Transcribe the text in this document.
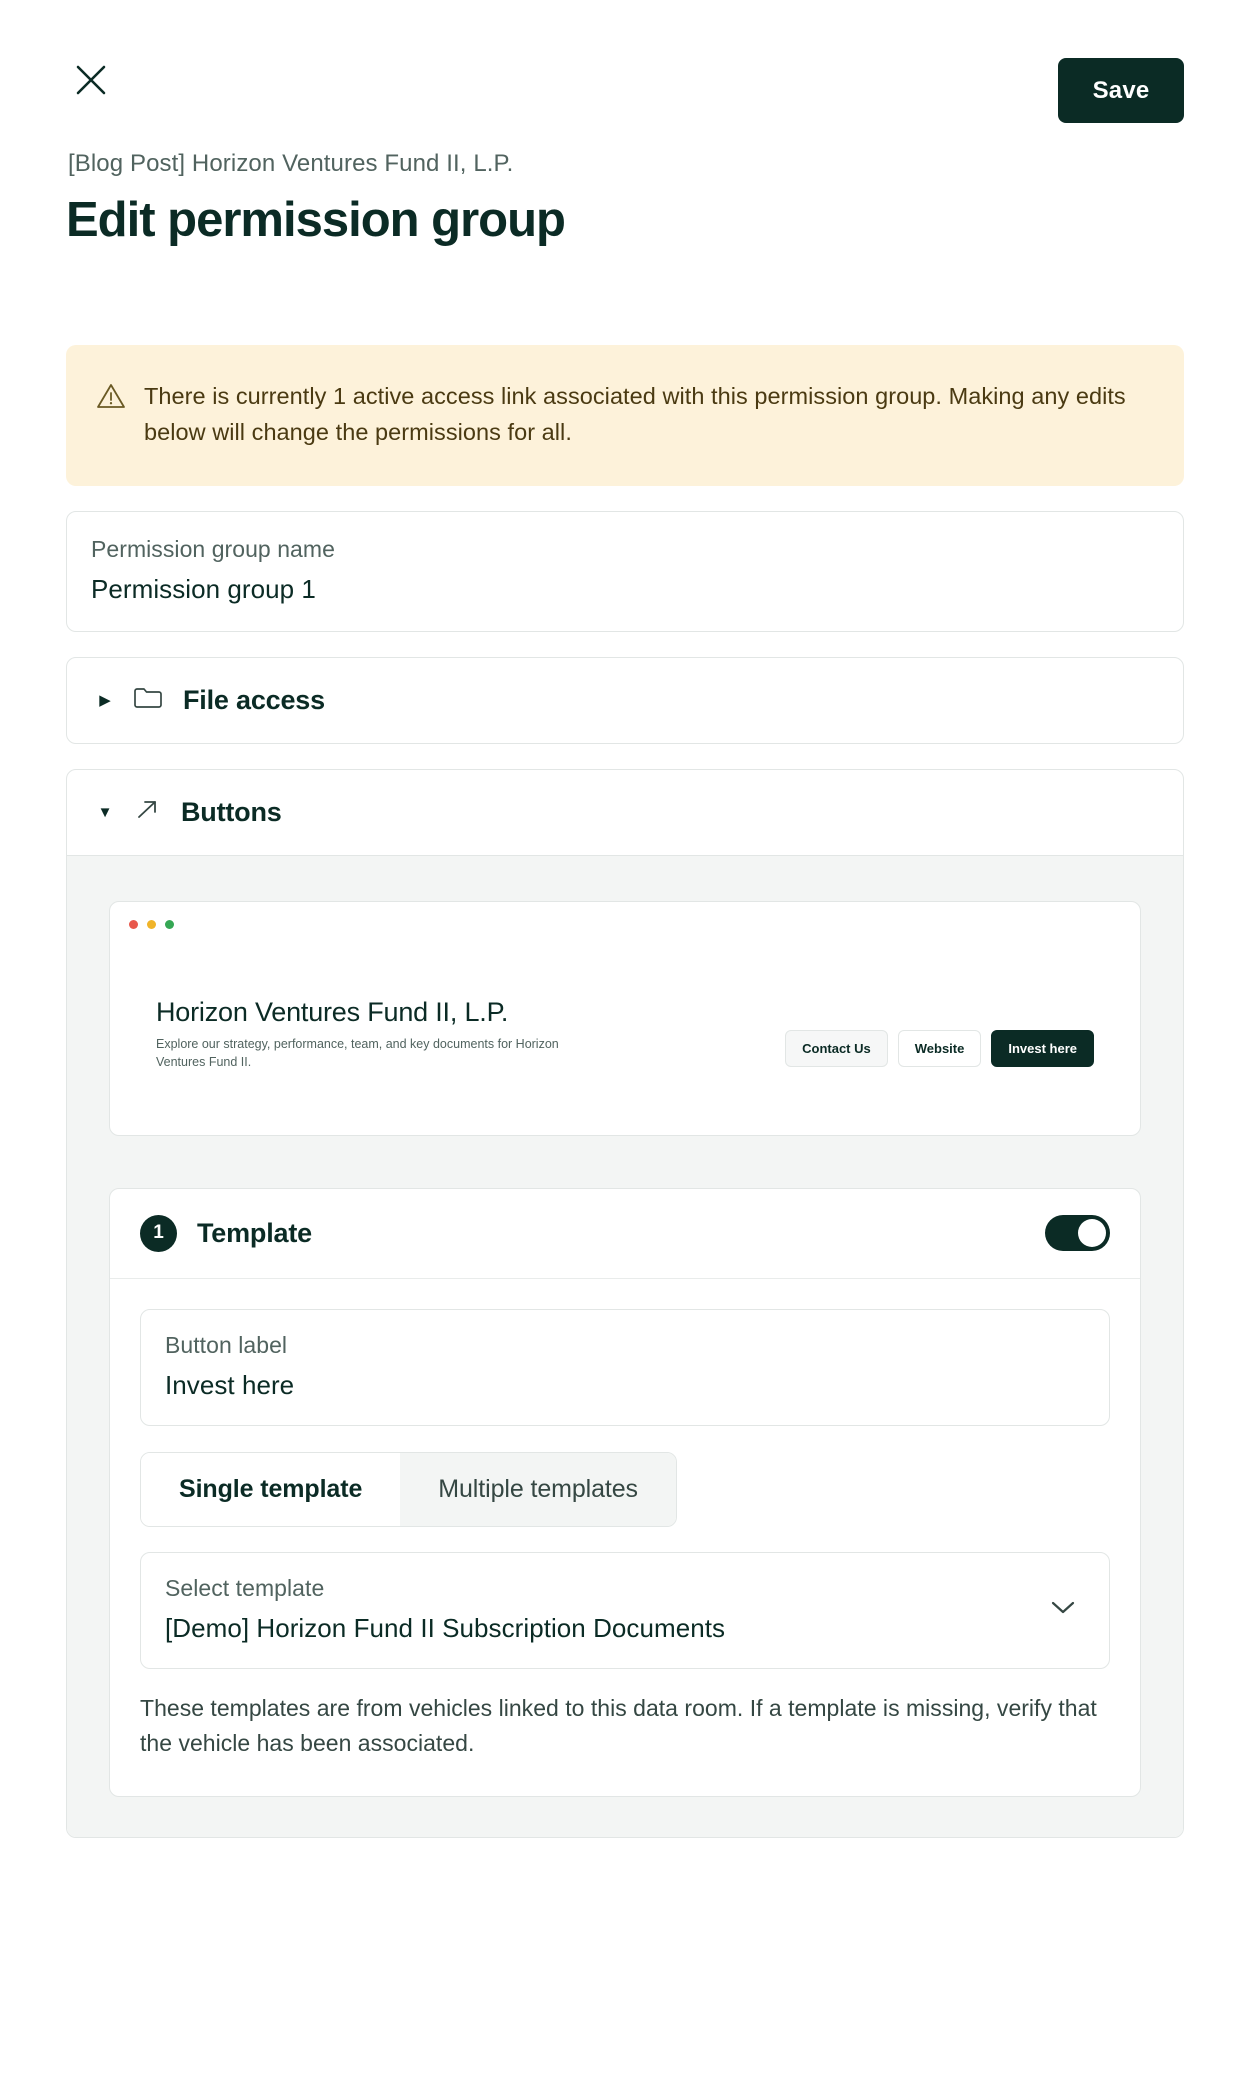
Save
[Blog Post] Horizon Ventures Fund II, L.P.
Edit permission group
There is currently 1 active access link associated with this permission group. Making any edits below will change the permissions for all.
Permission group name
Permission group 1
▶	File access
▼	Buttons
Horizon Ventures Fund II, L.P.
Explore our strategy, performance, team, and key documents for Horizon Ventures Fund II.
Contact Us	Website	Invest here
1	Template
Button label
Invest here
Single template	Multiple templates
Select template
[Demo] Horizon Fund II Subscription Documents
These templates are from vehicles linked to this data room. If a template is missing, verify that the vehicle has been associated.
